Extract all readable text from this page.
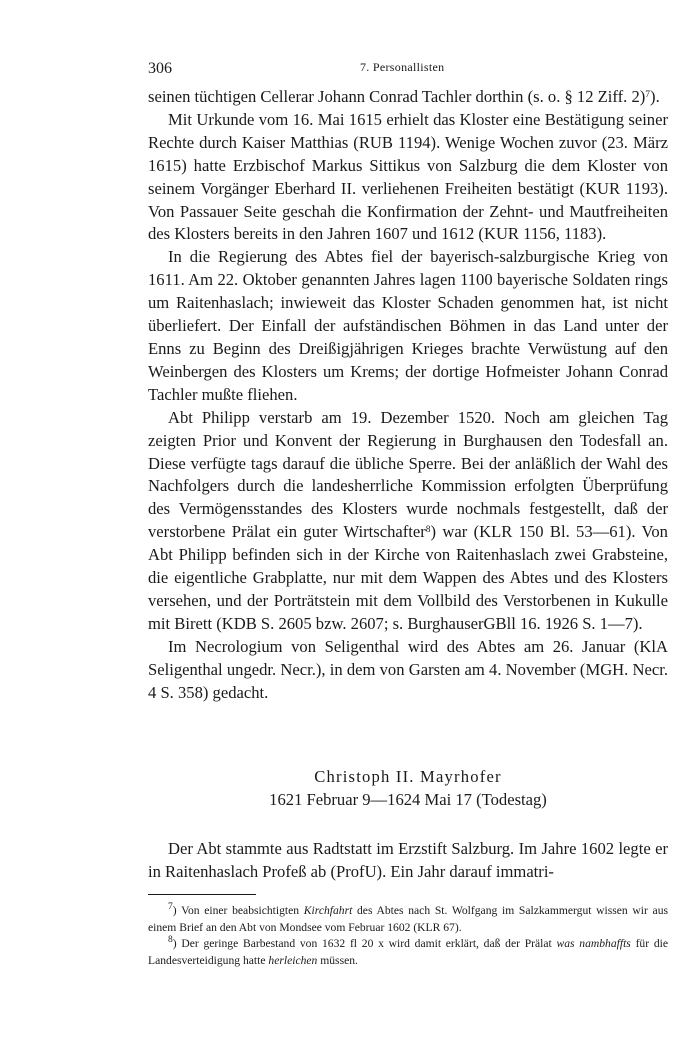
306	7. Personallisten

seinen tüchtigen Cellerar Johann Conrad Tachler dorthin (s. o. § 12 Ziff. 2)$^7$).

Mit Urkunde vom 16. Mai 1615 erhielt das Kloster eine Bestätigung seiner Rechte durch Kaiser Matthias (RUB 1194). Wenige Wochen zuvor (23. März 1615) hatte Erzbischof Markus Sittikus von Salzburg die dem Kloster von seinem Vorgänger Eberhard II. verliehenen Freiheiten bestätigt (KUR 1193). Von Passauer Seite geschah die Konfirmation der Zehnt- und Mautfreiheiten des Klosters bereits in den Jahren 1607 und 1612 (KUR 1156, 1183).

In die Regierung des Abtes fiel der bayerisch-salzburgische Krieg von 1611. Am 22. Oktober genannten Jahres lagen 1100 bayerische Soldaten rings um Raitenhaslach; inwieweit das Kloster Schaden genommen hat, ist nicht überliefert. Der Einfall der aufständischen Böhmen in das Land unter der Enns zu Beginn des Dreißigjährigen Krieges brachte Verwüstung auf den Weinbergen des Klosters um Krems; der dortige Hofmeister Johann Conrad Tachler mußte fliehen.

Abt Philipp verstarb am 19. Dezember 1520. Noch am gleichen Tag zeigten Prior und Konvent der Regierung in Burghausen den Todesfall an. Diese verfügte tags darauf die übliche Sperre. Bei der anläßlich der Wahl des Nachfolgers durch die landesherrliche Kommission erfolgten Überprüfung des Vermögensstandes des Klosters wurde nochmals festgestellt, daß der verstorbene Prälat ein guter Wirtschafter$^8$) war (KLR 150 Bl. 53—61). Von Abt Philipp befinden sich in der Kirche von Raitenhaslach zwei Grabsteine, die eigentliche Grabplatte, nur mit dem Wappen des Abtes und des Klosters versehen, und der Porträtstein mit dem Vollbild des Verstorbenen in Kukulle mit Birett (KDB S. 2605 bzw. 2607; s. BurghauserGBll 16. 1926 S. 1—7).

Im Necrologium von Seligenthal wird des Abtes am 26. Januar (KlA Seligenthal ungedr. Necr.), in dem von Garsten am 4. November (MGH. Necr. 4 S. 358) gedacht.

Christoph II. Mayrhofer
1621 Februar 9—1624 Mai 17 (Todestag)

Der Abt stammte aus Radtstatt im Erzstift Salzburg. Im Jahre 1602 legte er in Raitenhaslach Profeß ab (ProfU). Ein Jahr darauf immatri-

$^7$) Von einer beabsichtigten Kirchfahrt des Abtes nach St. Wolfgang im Salzkammergut wissen wir aus einem Brief an den Abt von Mondsee vom Februar 1602 (KLR 67).

$^8$) Der geringe Barbestand von 1632 fl 20 x wird damit erklärt, daß der Prälat was nambhaffts für die Landesverteidigung hatte herleichen müssen.
